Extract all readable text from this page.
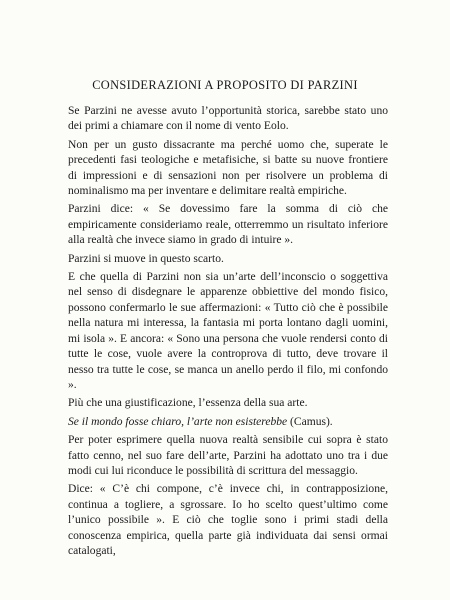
CONSIDERAZIONI A PROPOSITO DI PARZINI

Se Parzini ne avesse avuto l’opportunità storica, sarebbe stato uno dei primi a chiamare con il nome di vento Eolo.

Non per un gusto dissacrante ma perché uomo che, superate le precedenti fasi teologiche e metafisiche, si batte su nuove frontiere di impressioni e di sensazioni non per risolvere un problema di nominalismo ma per inventare e delimitare realtà empiriche.

Parzini dice: « Se dovessimo fare la somma di ciò che empiricamente consideriamo reale, otterremmo un risultato inferiore alla realtà che invece siamo in grado di intuire ».

Parzini si muove in questo scarto.

E che quella di Parzini non sia un’arte dell’inconscio o soggettiva nel senso di disdegnare le apparenze obbiettive del mondo fisico, possono confermarlo le sue affermazioni: « Tutto ciò che è possibile nella natura mi interessa, la fantasia mi porta lontano dagli uomini, mi isola ». E ancora: « Sono una persona che vuole rendersi conto di tutte le cose, vuole avere la controprova di tutto, deve trovare il nesso tra tutte le cose, se manca un anello perdo il filo, mi confondo ».

Più che una giustificazione, l’essenza della sua arte.

Se il mondo fosse chiaro, l’arte non esisterebbe (Camus).

Per poter esprimere quella nuova realtà sensibile cui sopra è stato fatto cenno, nel suo fare dell’arte, Parzini ha adottato uno tra i due modi cui lui riconduce le possibilità di scrittura del messaggio.

Dice: « C’è chi compone, c’è invece chi, in contrapposizione, continua a togliere, a sgrossare. Io ho scelto quest’ultimo come l’unico possibile ». E ciò che toglie sono i primi stadi della conoscenza empirica, quella parte già individuata dai sensi ormai catalogati,
